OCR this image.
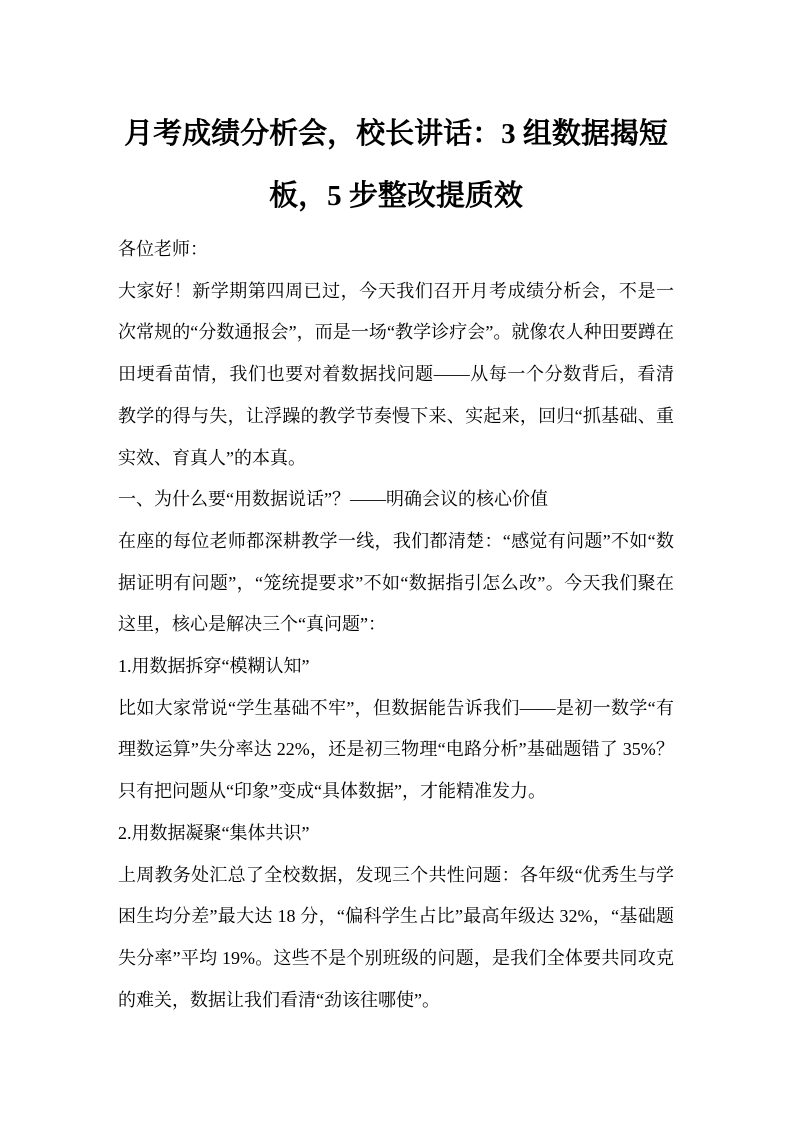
月考成绩分析会，校长讲话：3 组数据揭短板，5 步整改提质效

各位老师：

大家好！新学期第四周已过，今天我们召开月考成绩分析会，不是一次常规的“分数通报会”，而是一场“教学诊疗会”。就像农人种田要蹲在田埂看苗情，我们也要对着数据找问题——从每一个分数背后，看清教学的得与失，让浮躁的教学节奏慢下来、实起来，回归“抓基础、重实效、育真人”的本真。

一、为什么要“用数据说话”？——明确会议的核心价值

在座的每位老师都深耕教学一线，我们都清楚：“感觉有问题”不如“数据证明有问题”，“笼统提要求”不如“数据指引怎么改”。今天我们聚在这里，核心是解决三个“真问题”：

1.用数据拆穿“模糊认知”

比如大家常说“学生基础不牢”，但数据能告诉我们——是初一数学“有理数运算”失分率达 22%，还是初三物理“电路分析”基础题错了 35%？只有把问题从“印象”变成“具体数据”，才能精准发力。

2.用数据凝聚“集体共识”

上周教务处汇总了全校数据，发现三个共性问题：各年级“优秀生与学困生均分差”最大达 18 分，“偏科学生占比”最高年级达 32%，“基础题失分率”平均 19%。这些不是个别班级的问题，是我们全体要共同攻克的难关，数据让我们看清“劲该往哪使”。
